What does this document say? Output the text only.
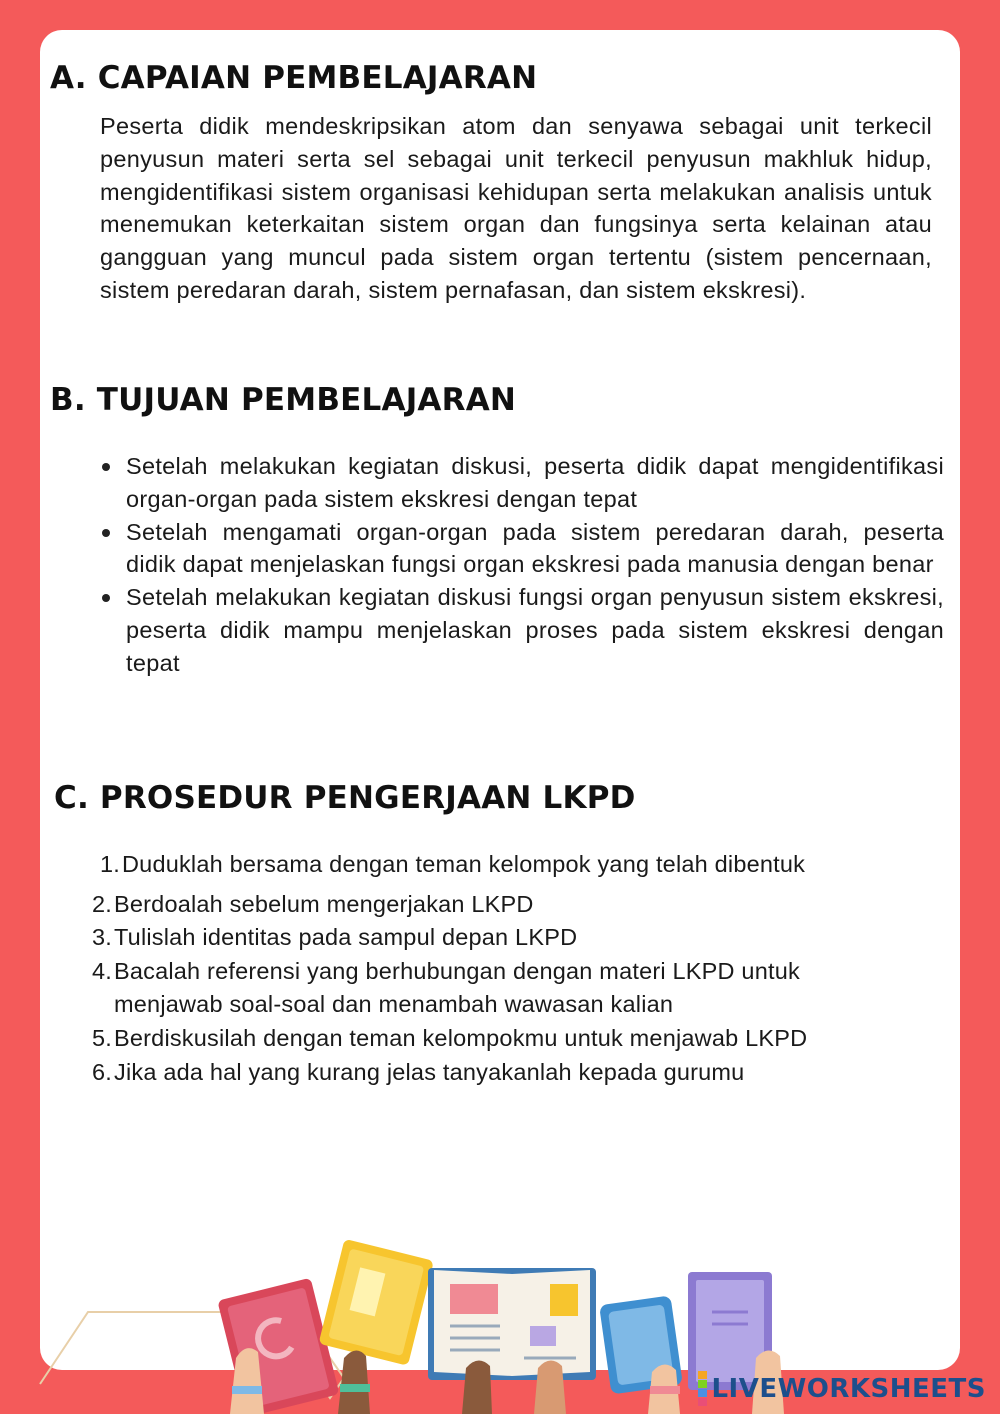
A. CAPAIAN PEMBELAJARAN

Peserta didik mendeskripsikan atom dan senyawa sebagai unit terkecil penyusun materi serta sel sebagai unit terkecil penyusun makhluk hidup, mengidentifikasi sistem organisasi kehidupan serta melakukan analisis untuk menemukan keterkaitan sistem organ dan fungsinya serta kelainan atau gangguan yang muncul pada sistem organ tertentu (sistem pencernaan, sistem peredaran darah, sistem pernafasan, dan sistem ekskresi).

B. TUJUAN PEMBELAJARAN
Setelah melakukan kegiatan diskusi, peserta didik dapat mengidentifikasi organ-organ pada sistem ekskresi dengan tepat
Setelah mengamati organ-organ pada sistem peredaran darah, peserta didik dapat menjelaskan fungsi organ ekskresi pada manusia dengan benar
Setelah melakukan kegiatan diskusi fungsi organ penyusun sistem ekskresi, peserta didik mampu menjelaskan proses pada sistem ekskresi dengan tepat
C. PROSEDUR PENGERJAAN LKPD
1. Duduklah bersama dengan teman kelompok yang telah dibentuk
2. Berdoalah sebelum mengerjakan LKPD
3. Tulislah identitas pada sampul depan LKPD
4. Bacalah referensi yang berhubungan dengan materi LKPD untuk menjawab soal-soal dan menambah wawasan kalian
5. Berdiskusilah dengan teman kelompokmu untuk menjawab LKPD
6. Jika ada hal yang kurang jelas tanyakanlah kepada gurumu
LIVEWORKSHEETS
